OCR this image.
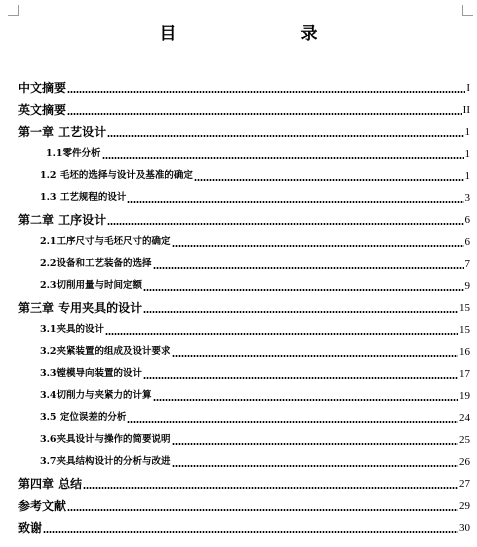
目　　录
中文摘要	I
英文摘要	II
第一章 工艺设计	1
1.1零件分析	1
1.2 毛坯的选择与设计及基准的确定	1
1.3 工艺规程的设计	3
第二章 工序设计	6
2.1工序尺寸与毛坯尺寸的确定	6
2.2设备和工艺装备的选择	7
2.3切削用量与时间定额	9
第三章 专用夹具的设计	15
3.1夹具的设计	15
3.2夹紧装置的组成及设计要求	16
3.3镗模导向装置的设计	17
3.4切削力与夹紧力的计算	19
3.5 定位误差的分析	24
3.6夹具设计与操作的简要说明	25
3.7夹具结构设计的分析与改进	26
第四章 总结	27
参考文献	29
致谢	30
